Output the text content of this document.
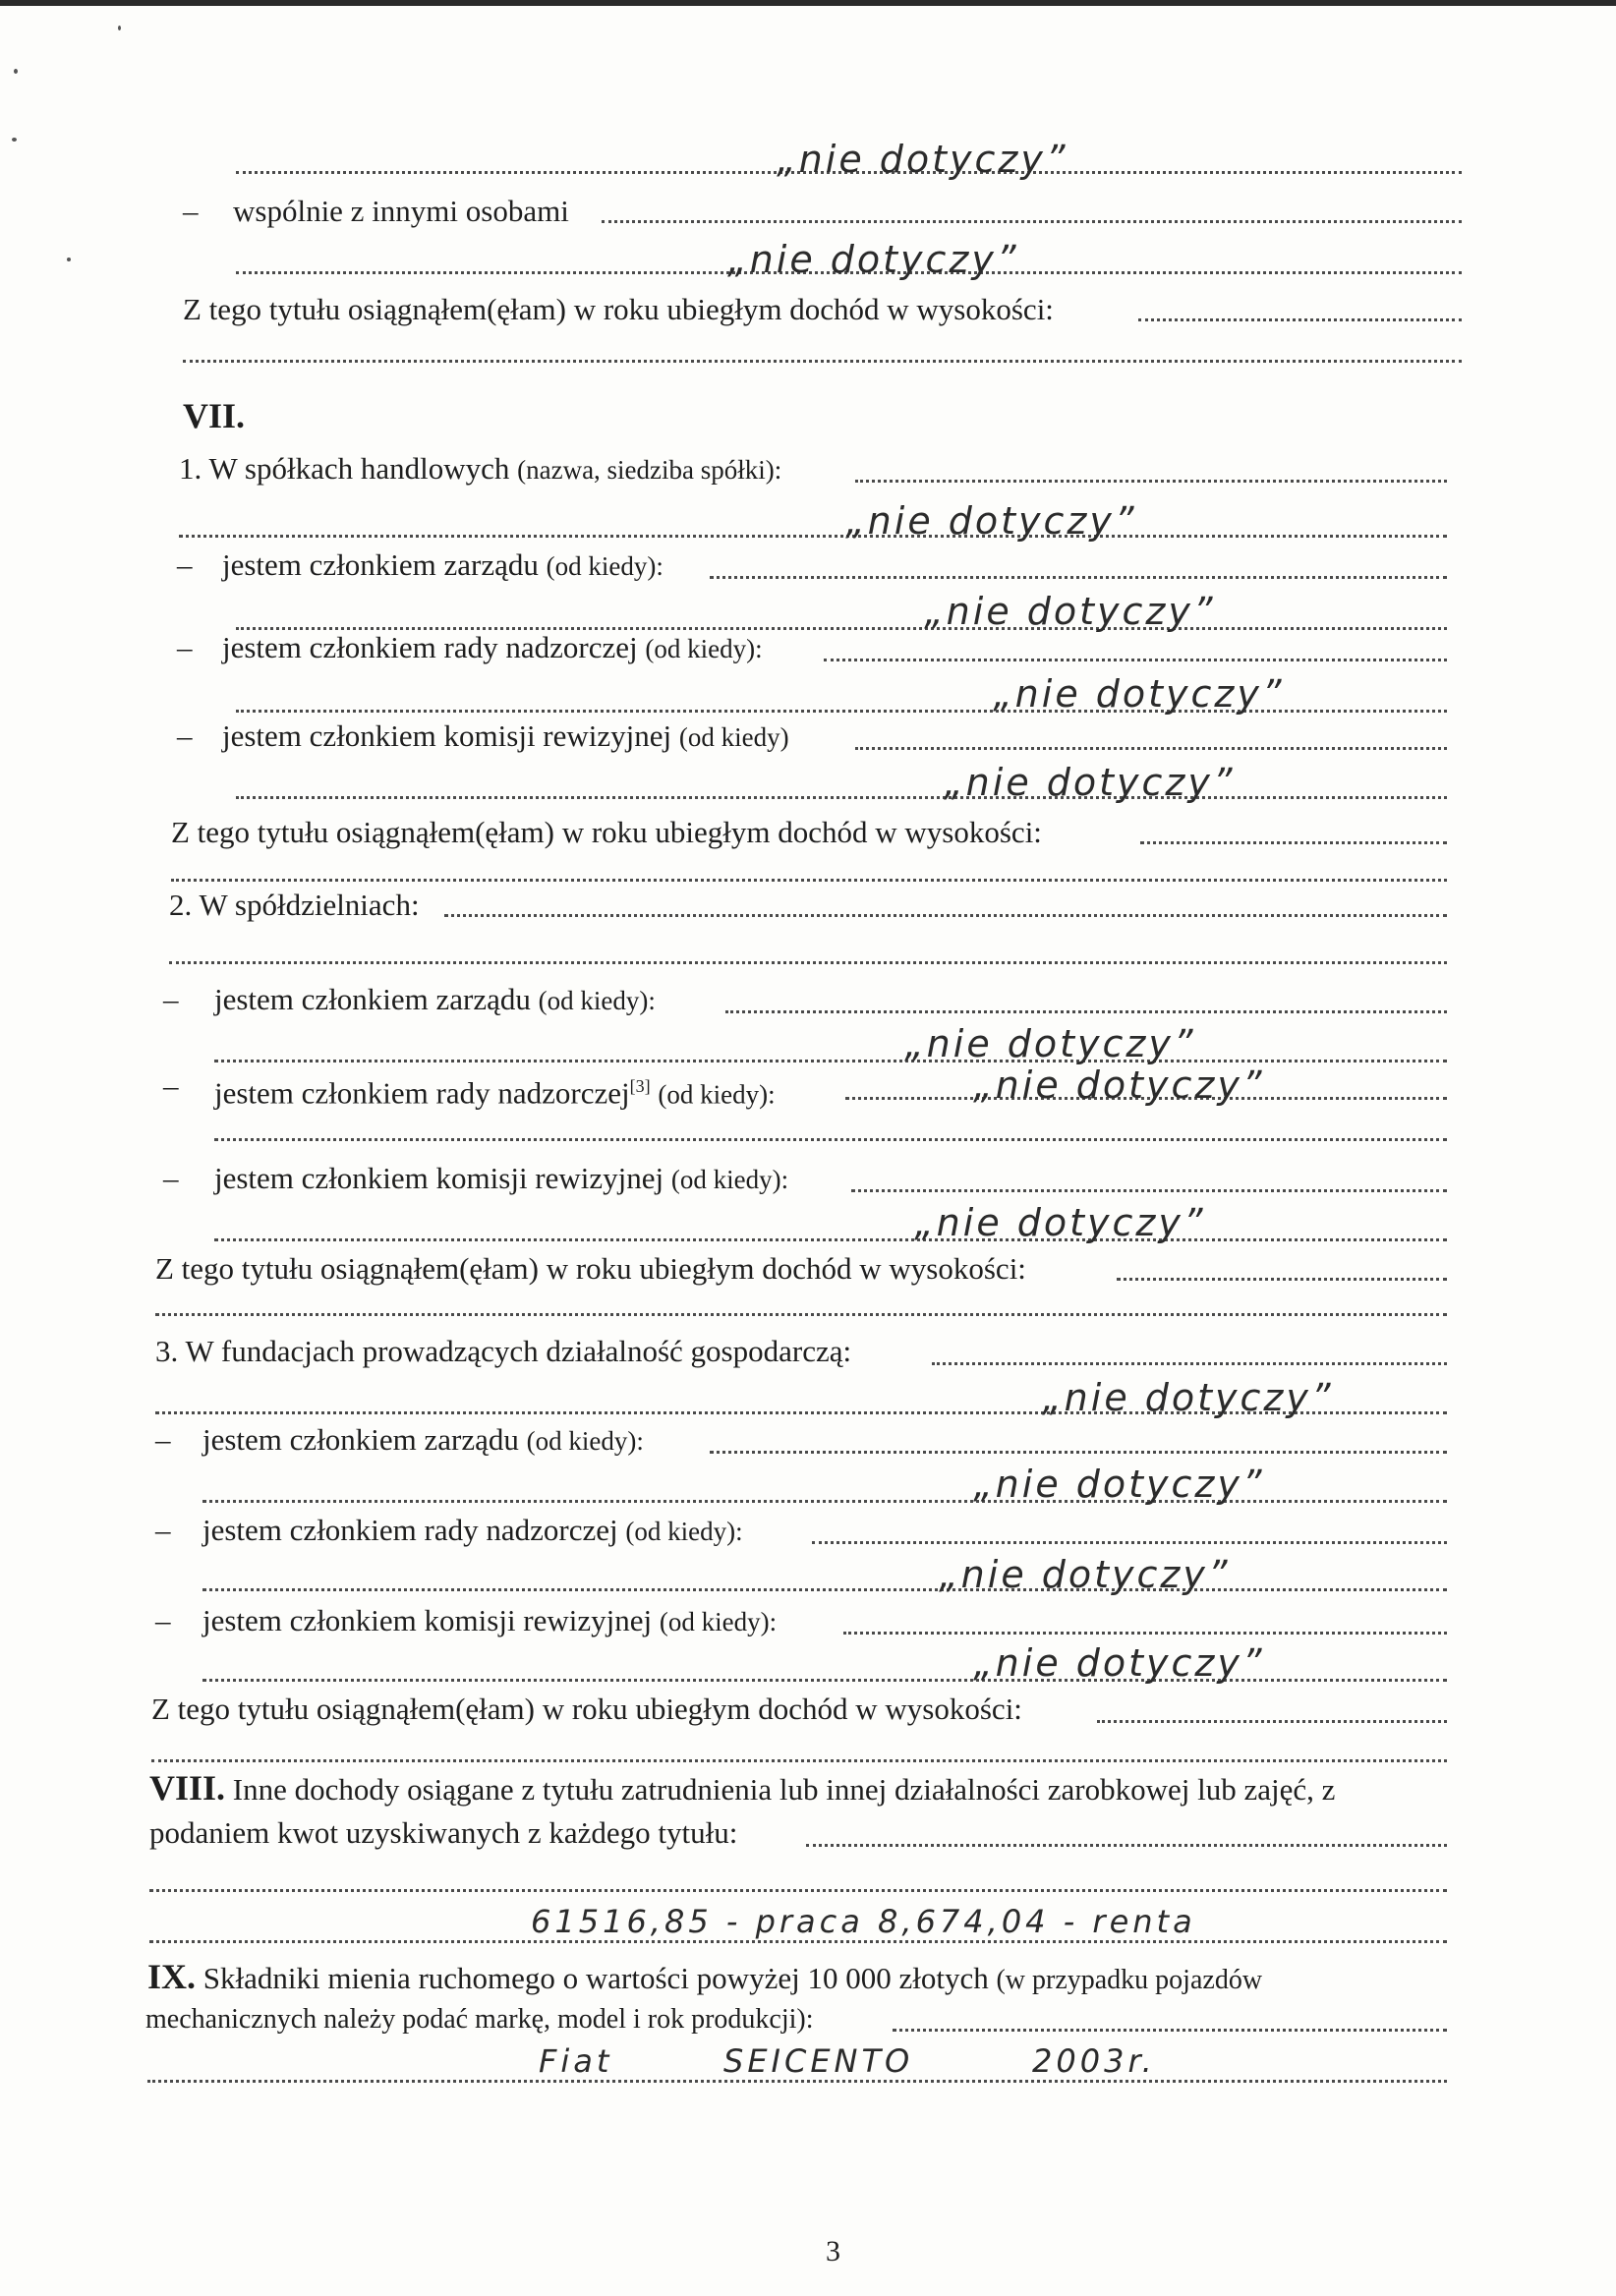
„nie dotyczy”
– wspólnie z innymi osobami
„nie dotyczy”
Z tego tytułu osiągnąłem(ęłam) w roku ubiegłym dochód w wysokości:
VII.
1. W spółkach handlowych (nazwa, siedziba spółki):
„nie dotyczy”
– jestem członkiem zarządu (od kiedy):
„nie dotyczy”
– jestem członkiem rady nadzorczej (od kiedy):
„nie dotyczy”
– jestem członkiem komisji rewizyjnej (od kiedy)
„nie dotyczy”
Z tego tytułu osiągnąłem(ęłam) w roku ubiegłym dochód w wysokości:
2. W spółdzielniach:
– jestem członkiem zarządu (od kiedy):
„nie dotyczy”
– jestem członkiem rady nadzorczej[3] (od kiedy):	„nie dotyczy”
– jestem członkiem komisji rewizyjnej (od kiedy):
„nie dotyczy”
Z tego tytułu osiągnąłem(ęłam) w roku ubiegłym dochód w wysokości:
3. W fundacjach prowadzących działalność gospodarczą:
„nie dotyczy”
– jestem członkiem zarządu (od kiedy):
„nie dotyczy”
– jestem członkiem rady nadzorczej (od kiedy):
„nie dotyczy”
– jestem członkiem komisji rewizyjnej (od kiedy):
„nie dotyczy”
Z tego tytułu osiągnąłem(ęłam) w roku ubiegłym dochód w wysokości:
VIII. Inne dochody osiągane z tytułu zatrudnienia lub innej działalności zarobkowej lub zajęć, z
podaniem kwot uzyskiwanych z każdego tytułu:
61516,85 - praca 8,674,04 - renta
IX. Składniki mienia ruchomego o wartości powyżej 10 000 złotych (w przypadku pojazdów
mechanicznych należy podać markę, model i rok produkcji):
Fiat	SEICENTO	2003r.
3
